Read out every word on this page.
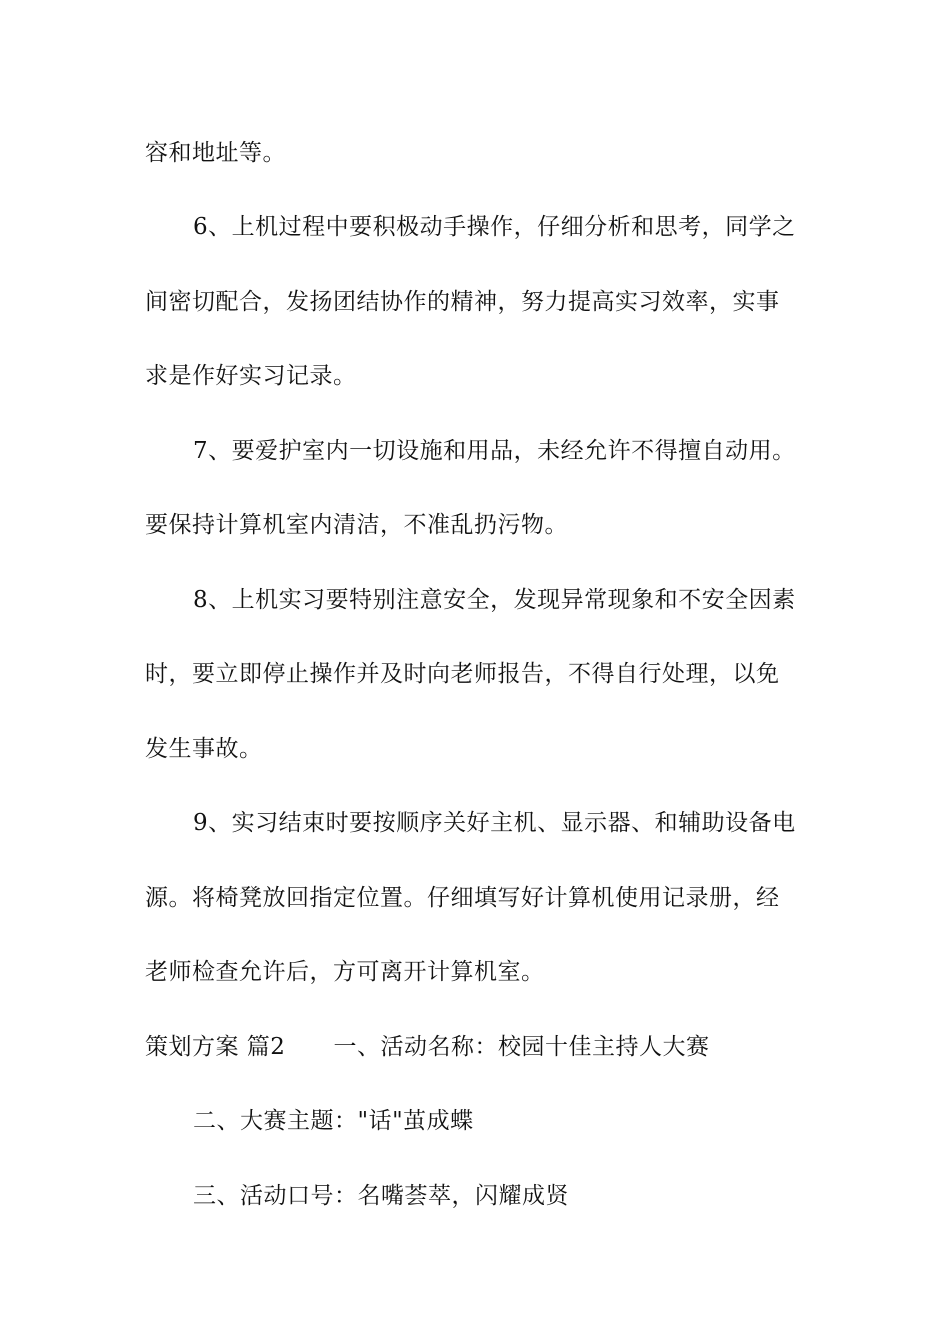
容和地址等。
6、上机过程中要积极动手操作，仔细分析和思考，同学之
间密切配合，发扬团结协作的精神，努力提高实习效率，实事
求是作好实习记录。
7、要爱护室内一切设施和用品，未经允许不得擅自动用。
要保持计算机室内清洁，不准乱扔污物。
8、上机实习要特别注意安全，发现异常现象和不安全因素
时，要立即停止操作并及时向老师报告，不得自行处理，以免
发生事故。
9、实习结束时要按顺序关好主机、显示器、和辅助设备电
源。将椅凳放回指定位置。仔细填写好计算机使用记录册，经
老师检查允许后，方可离开计算机室。
策划方案 篇2 一、活动名称：校园十佳主持人大赛
二、大赛主题："话"茧成蝶
三、活动口号：名嘴荟萃，闪耀成贤
